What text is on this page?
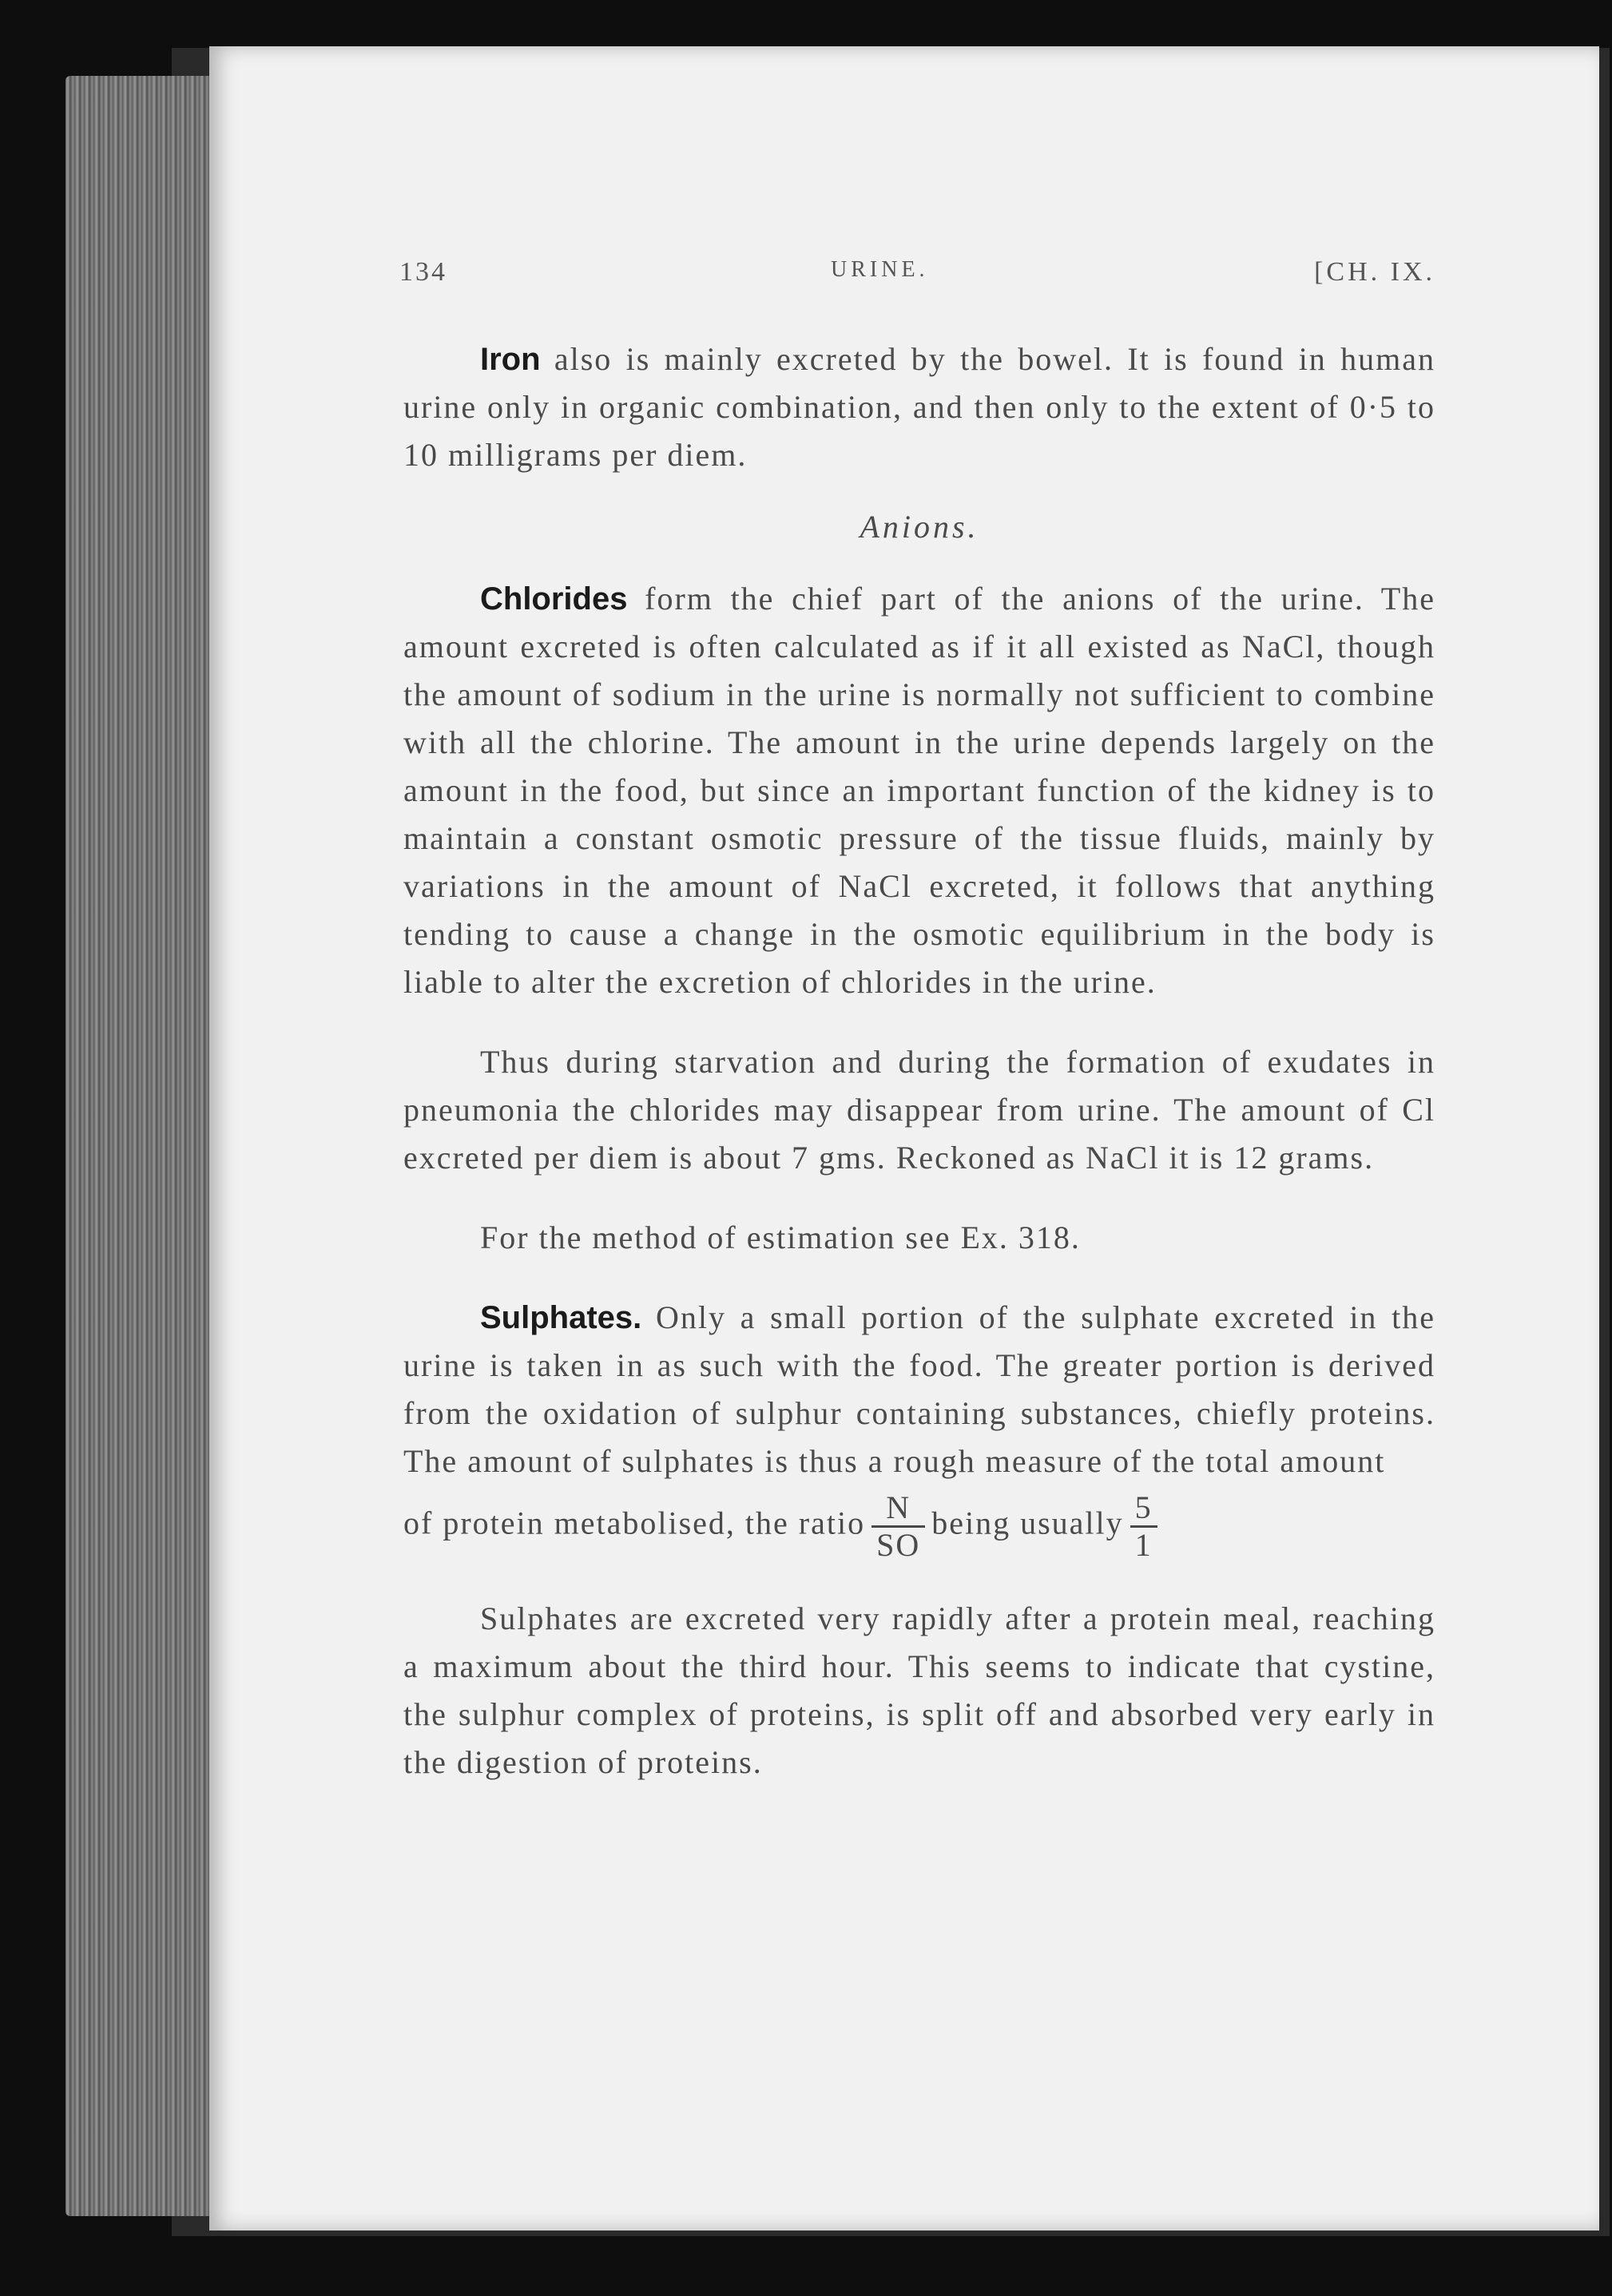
134	URINE.	[CH. IX.

Iron also is mainly excreted by the bowel. It is found in human urine only in organic combination, and then only to the extent of 0·5 to 10 milligrams per diem.

Anions.

Chlorides form the chief part of the anions of the urine. The amount excreted is often calculated as if it all existed as NaCl, though the amount of sodium in the urine is normally not sufficient to combine with all the chlorine. The amount in the urine depends largely on the amount in the food, but since an important function of the kidney is to maintain a constant osmotic pressure of the tissue fluids, mainly by variations in the amount of NaCl excreted, it follows that anything tending to cause a change in the osmotic equilibrium in the body is liable to alter the excretion of chlorides in the urine.

Thus during starvation and during the formation of exudates in pneumonia the chlorides may disappear from urine. The amount of Cl excreted per diem is about 7 gms. Reckoned as NaCl it is 12 grams.

For the method of estimation see Ex. 318.

Sulphates. Only a small portion of the sulphate excreted in the urine is taken in as such with the food. The greater portion is derived from the oxidation of sulphur containing substances, chiefly proteins. The amount of sulphates is thus a rough measure of the total amount

of protein metabolised, the ratio $\frac{N}{SO}$ being usually $\frac{5}{1}$

Sulphates are excreted very rapidly after a protein meal, reaching a maximum about the third hour. This seems to indicate that cystine, the sulphur complex of proteins, is split off and absorbed very early in the digestion of proteins.
